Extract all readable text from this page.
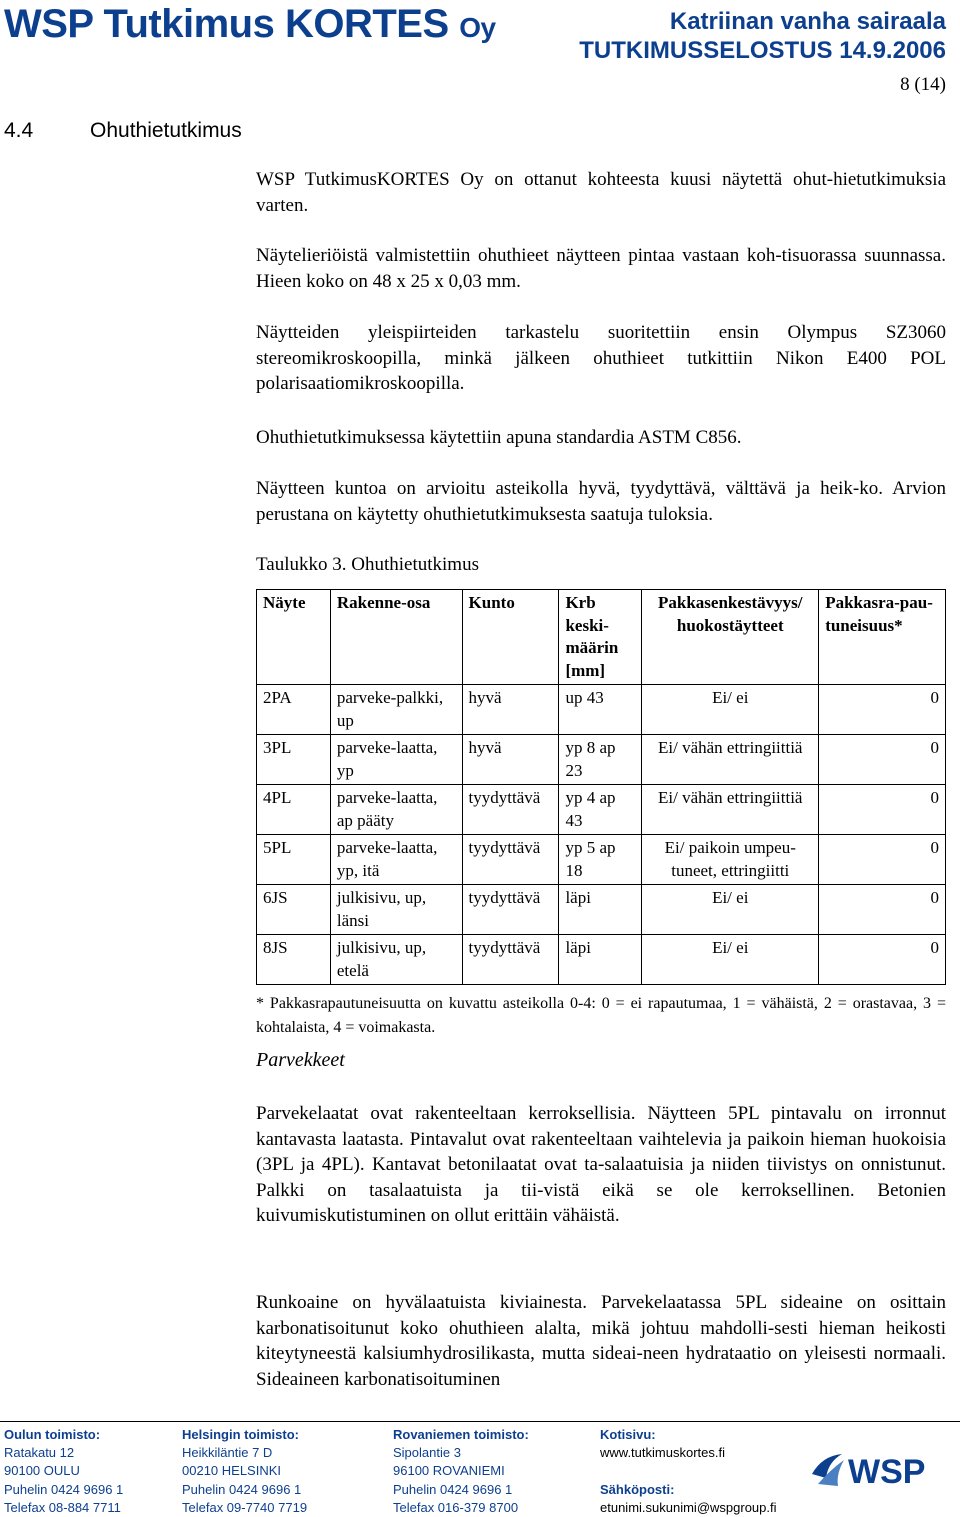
WSP Tutkimus KORTES Oy	Katriinan vanha sairaala
TUTKIMUSSELOSTUS 14.9.2006
8 (14)
4.4	Ohuthietutkimus
WSP TutkimusKORTES Oy on ottanut kohteesta kuusi näytettä ohut-hietutkimuksia varten.
Näytelieriöistä valmistettiin ohuthieet näytteen pintaa vastaan koh-tisuorassa suunnassa. Hieen koko on 48 x 25 x 0,03 mm.
Näytteiden yleispiirteiden tarkastelu suoritettiin ensin Olympus SZ3060 stereomikroskoopilla, minkä jälkeen ohuthieet tutkittiin Nikon E400 POL polarisaatiomikroskoopilla.
Ohuthietutkimuksessa käytettiin apuna standardia ASTM C856.
Näytteen kuntoa on arvioitu asteikolla hyvä, tyydyttävä, välttävä ja heik-ko. Arvion perustana on käytetty ohuthietutkimuksesta saatuja tuloksia.
Taulukko 3. Ohuthietutkimus
Näyte	Rakenne-osa	Kunto	Krb keski-määrin [mm]	Pakkasenkestävyys/ huokostäytteet	Pakkasra-pau-tuneisuus*
2PA	parveke-palkki, up	hyvä	up 43	Ei/ ei	0
3PL	parveke-laatta, yp	hyvä	yp 8 ap 23	Ei/ vähän ettringiittiä	0
4PL	parveke-laatta, ap pääty	tyydyttävä	yp 4 ap 43	Ei/ vähän ettringiittiä	0
5PL	parveke-laatta, yp, itä	tyydyttävä	yp 5 ap 18	Ei/ paikoin umpeu-tuneet, ettringiitti	0
6JS	julkisivu, up, länsi	tyydyttävä	läpi	Ei/ ei	0
8JS	julkisivu, up, etelä	tyydyttävä	läpi	Ei/ ei	0
* Pakkasrapautuneisuutta on kuvattu asteikolla 0-4: 0 = ei rapautumaa, 1 = vähäistä, 2 = orastavaa, 3 = kohtalaista, 4 = voimakasta.
Parvekkeet
Parvekelaatat ovat rakenteeltaan kerroksellisia. Näytteen 5PL pintavalu on irronnut kantavasta laatasta. Pintavalut ovat rakenteeltaan vaihtelevia ja paikoin hieman huokoisia (3PL ja 4PL). Kantavat betonilaatat ovat ta-salaatuisia ja niiden tiivistys on onnistunut. Palkki on tasalaatuista ja tii-vistä eikä se ole kerroksellinen. Betonien kuivumiskutistuminen on ollut erittäin vähäistä.
Runkoaine on hyvälaatuista kiviainesta. Parvekelaatassa 5PL sideaine on osittain karbonatisoitunut koko ohuthieen alalta, mikä johtuu mahdolli-sesti hieman heikosti kiteytyneestä kalsiumhydrosilikasta, mutta sideai-neen hydrataatio on yleisesti normaali. Sideaineen karbonatisoituminen
Oulun toimisto:
Ratakatu 12
90100 OULU
Puhelin 0424 9696 1
Telefax 08-884 7711
Helsingin toimisto:
Heikkiläntie 7 D
00210 HELSINKI
Puhelin 0424 9696 1
Telefax 09-7740 7719
Rovaniemen toimisto:
Sipolantie 3
96100 ROVANIEMI
Puhelin 0424 9696 1
Telefax 016-379 8700
Kotisivu:
www.tutkimuskortes.fi

Sähköposti:
etunimi.sukunimi@wspgroup.fi
WSP
